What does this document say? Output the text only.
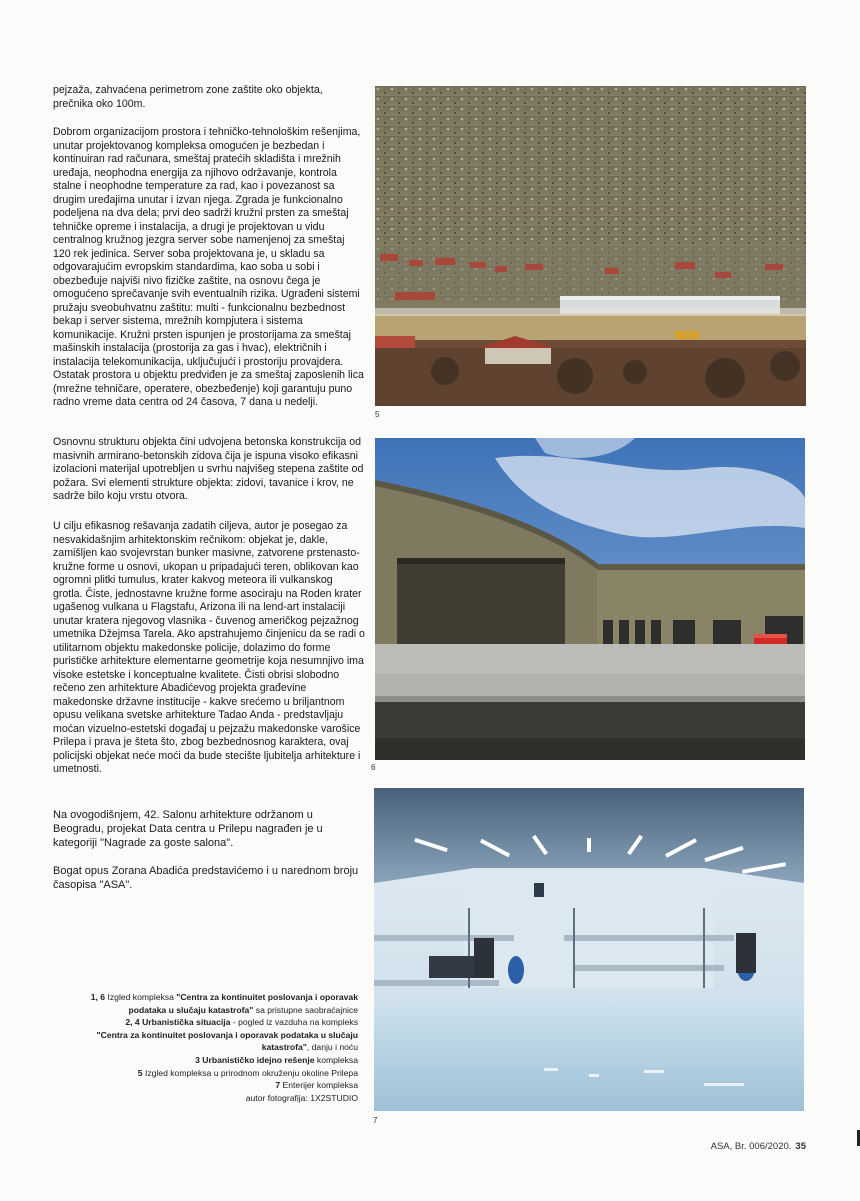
pejzaža, zahvaćena perimetrom zone zaštite oko objekta, prečnika oko 100m.

Dobrom organizacijom prostora i tehničko-tehnološkim rešenjima, unutar projektovanog kompleksa omogućen je bezbedan i kontinuiran rad računara, smeštaj pratećih skladišta i mrežnih uređaja, neophodna energija za njihovo održavanje, kontrola stalne i neophodne temperature za rad, kao i povezanost sa drugim uređajima unutar i izvan njega. Zgrada je funkcionalno podeljena na dva dela; prvi deo sadrži kružni prsten za smeštaj tehničke opreme i instalacija, a drugi je projektovan u vidu centralnog kružnog jezgra server sobe namenjenoj za smeštaj 120 rek jedinica. Server soba projektovana je, u skladu sa odgovarajućim evropskim standardima, kao soba u sobi i obezbeđuje najviši nivo fizičke zaštite, na osnovu čega je omogućeno sprečavanje svih eventualnih rizika. Ugrađeni sistemi pružaju sveobuhvatnu zaštitu: multi - funkcionalnu bezbednost bekap i server sistema, mrežnih kompjutera i sistema komunikacije. Kružni prsten ispunjen je prostorijama za smeštaj mašinskih instalacija (prostorija za gas i hvac), električnih i instalacija telekomunikacija, uključujući i prostoriju provajdera. Ostatak prostora u objektu predviđen je za smeštaj zaposlenih lica (mrežne tehničare, operatere, obezbeđenje) koji garantuju puno radno vreme data centra od 24 časova, 7 dana u nedelji.

Osnovnu strukturu objekta čini udvojena betonska konstrukcija od masivnih armirano-betonskih zidova čija je ispuna visoko efikasni izolacioni materijal upotrebljen u svrhu najvišeg stepena zaštite od požara. Svi elementi strukture objekta: zidovi, tavanice i krov, ne sadrže bilo koju vrstu otvora.

U cilju efikasnog rešavanja zadatih ciljeva, autor je posegao za nesvakidašnjim arhitektonskim rečnikom: objekat je, dakle, zamišljen kao svojevrstan bunker masivne, zatvorene prstenasto-kružne forme u osnovi, ukopan u pripadajući teren, oblikovan kao ogromni plitki tumulus, krater kakvog meteora ili vulkanskog grotla. Čiste, jednostavne kružne forme asociraju na Roden krater ugašenog vulkana u Flagstafu, Arizona ili na lend-art instalaciji unutar kratera njegovog vlasnika - čuvenog američkog pejzažnog umetnika Džejmsa Tarela. Ako apstrahujemo činjenicu da se radi o utilitarnom objektu makedonske policije, dolazimo do forme purističke arhitekture elementarne geometrije koja nesumnjivo ima visoke estetske i konceptualne kvalitete. Čisti obrisi slobodno rečeno zen arhitekture Abadićevog projekta građevine makedonske državne institucije - kakve srećemo u briljantnom opusu velikana svetske arhitekture Tadao Anda - predstavljaju moćan vizuelno-estetski događaj u pejzažu makedonske varošice Prilepa i prava je šteta što, zbog bezbednosnog karaktera, ovaj policijski objekat neće moći da bude stecište ljubitelja arhitekture i umetnosti.

Na ovogodišnjem, 42. Salonu arhitekture održanom u Beogradu, projekat Data centra u Prilepu nagrađen je u kategoriji "Nagrade za goste salona".

Bogat opus Zorana Abadića predstavićemo i u narednom broju časopisa "ASA".

5
6
7
1, 6 Izgled kompleksa "Centra za kontinuitet poslovanja i oporavak
podataka u slučaju katastrofa" sa pristupne saobraćajnice
2, 4 Urbanistička situacija - pogled iz vazduha na kompleks
"Centra za kontinuitet poslovanja i oporavak podataka u slučaju
katastrofa", danju i noću
3 Urbanističko idejno rešenje kompleksa
5 Izgled kompleksa u prirodnom okruženju okoline Prilepa
7 Enterijer kompleksa
autor fotografija: 1X2STUDIO
ASA, Br. 006/2020. 35
